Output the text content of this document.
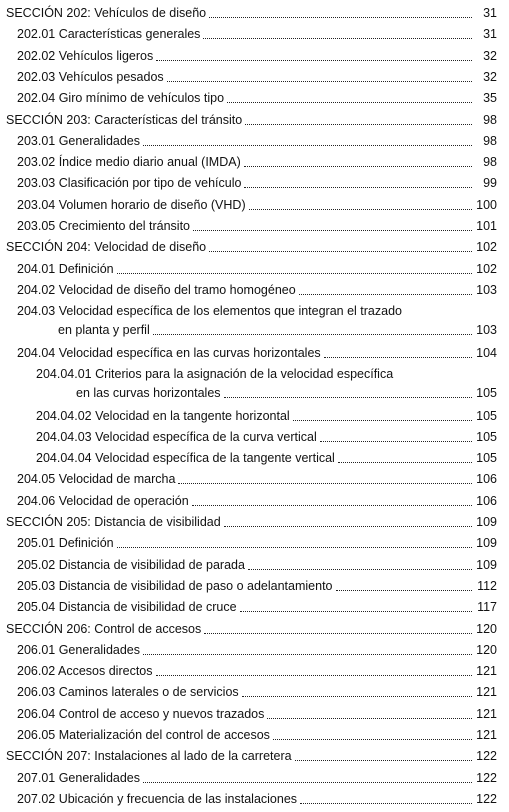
SECCIÓN 202: Vehículos de diseño	31
202.01 Características generales	31
202.02 Vehículos ligeros	32
202.03 Vehículos pesados	32
202.04 Giro mínimo de vehículos tipo	35
SECCIÓN 203: Características del tránsito	98
203.01 Generalidades	98
203.02 Índice medio diario anual (IMDA)	98
203.03 Clasificación por tipo de vehículo	99
203.04 Volumen horario de diseño (VHD)	100
203.05 Crecimiento del tránsito	101
SECCIÓN 204: Velocidad de diseño	102
204.01 Definición	102
204.02 Velocidad de diseño del tramo homogéneo	103
204.03 Velocidad específica de los elementos que integran el trazado
en planta y perfil	103
204.04 Velocidad específica en las curvas horizontales	104
204.04.01 Criterios para la asignación de la velocidad específica
en las curvas horizontales	105
204.04.02 Velocidad en la tangente horizontal	105
204.04.03 Velocidad específica de la curva vertical	105
204.04.04 Velocidad específica de la tangente vertical	105
204.05 Velocidad de marcha	106
204.06 Velocidad de operación	106
SECCIÓN 205: Distancia de visibilidad	109
205.01 Definición	109
205.02 Distancia de visibilidad de parada	109
205.03 Distancia de visibilidad de paso o adelantamiento	112
205.04 Distancia de visibilidad de cruce	117
SECCIÓN 206: Control de accesos	120
206.01 Generalidades	120
206.02 Accesos directos	121
206.03 Caminos laterales o de servicios	121
206.04 Control de acceso y nuevos trazados	121
206.05 Materialización del control de accesos	121
SECCIÓN 207: Instalaciones al lado de la carretera	122
207.01 Generalidades	122
207.02 Ubicación y frecuencia de las instalaciones	122
